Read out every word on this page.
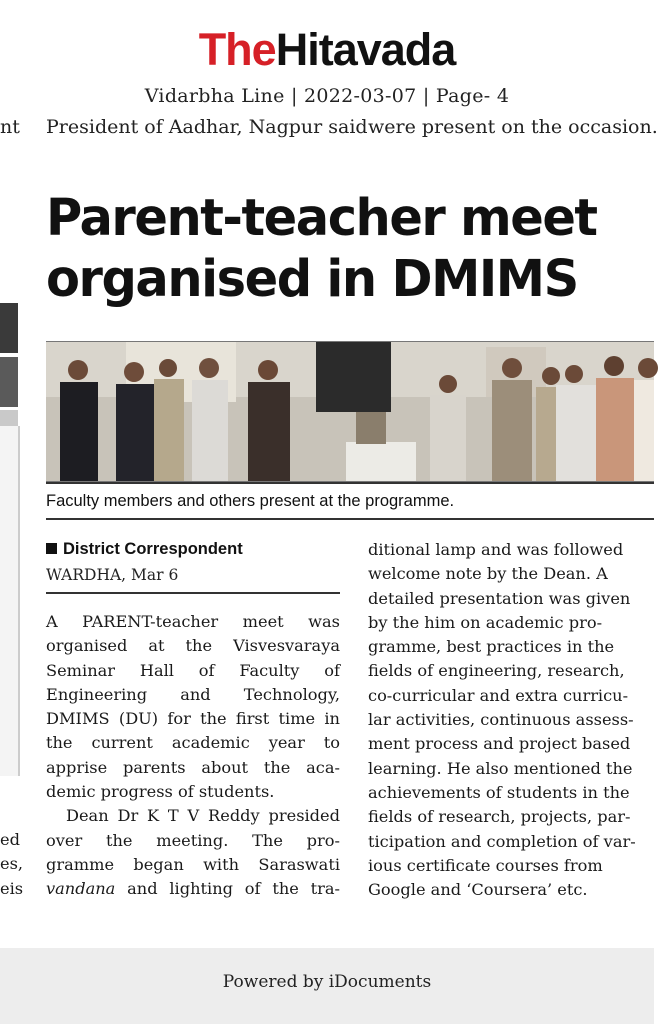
TheHitavada
Vidarbha Line | 2022-03-07 | Page- 4
nt President of Aadhar, Nagpur said were present on the occasion.
ed
es,
eis
Parent-teacher meet
organised in DMIMS
Faculty members and others present at the programme.
District Correspondent
WARDHA, Mar 6
A PARENT-teacher meet was
organised at the Visvesvaraya
Seminar Hall of Faculty of
Engineering and Technology,
DMIMS (DU) for the first time in
the current academic year to
apprise parents about the aca-
demic progress of students.
Dean Dr K T V Reddy presided
over the meeting. The pro-
gramme began with Saraswati
vandana and lighting of the tra-
ditional lamp and was followed
welcome note by the Dean. A
detailed presentation was given
by the him on academic pro-
gramme, best practices in the
fields of engineering, research,
co-curricular and extra curricu-
lar activities, continuous assess-
ment process and project based
learning. He also mentioned the
achievements of students in the
fields of research, projects, par-
ticipation and completion of var-
ious certificate courses from
Google and ‘Coursera’ etc.
Powered by iDocuments
